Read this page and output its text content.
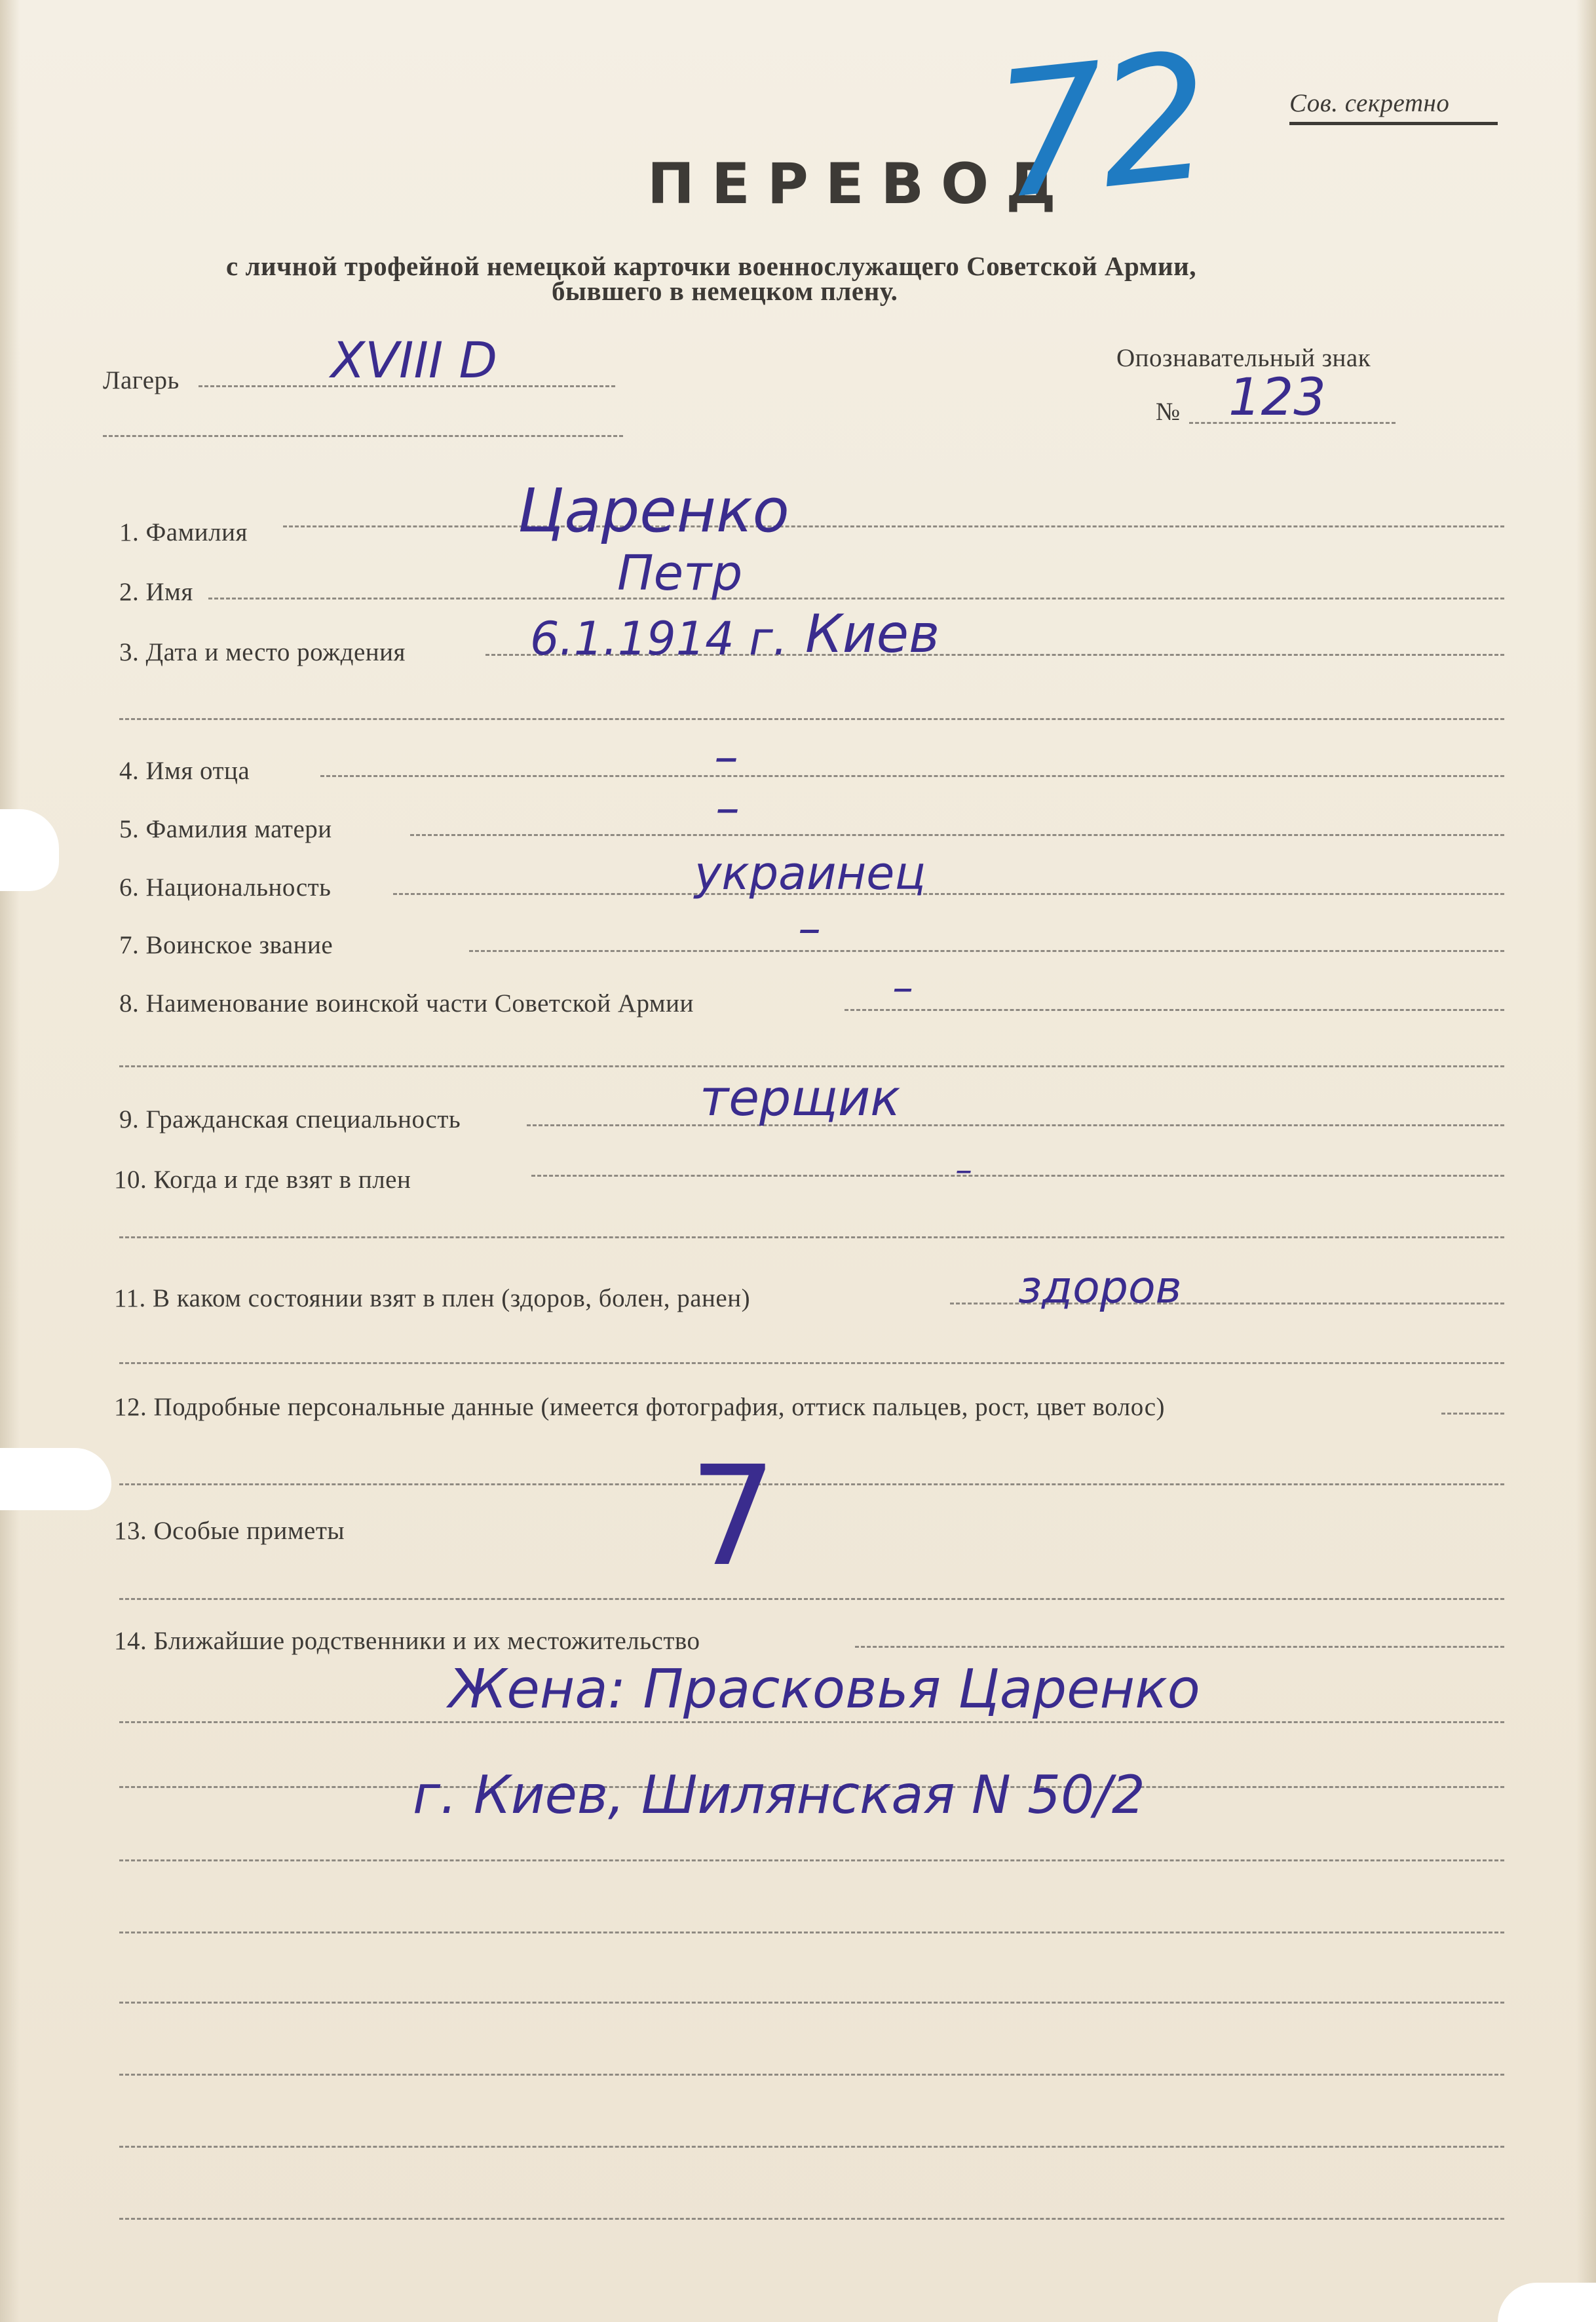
Сов. секретно
ПЕРЕВОД
с личной трофейной немецкой карточки военнослужащего Советской Армии,
бывшего в немецком плену.
72
Лагерь	XVIII D	Опознавательный знак
№ 123
1. Фамилия	Царенко
2. Имя	Петр
3. Дата и место рождения	6.1.1914 г. Киев
4. Имя отца	–
5. Фамилия матери	–
6. Национальность	украинец
7. Воинское звание	–
8. Наименование воинской части Советской Армии	–
9. Гражданская специальность	терщик
10. Когда и где взят в плен	–
11. В каком состоянии взят в плен (здоров, болен, ранен)	здоров
12. Подробные персональные данные (имеется фотография, оттиск пальцев, рост, цвет волос)
13. Особые приметы	7
14. Ближайшие родственники и их местожительство
Жена: Прасковья Царенко
г. Киев, Шилянская N 50/2
